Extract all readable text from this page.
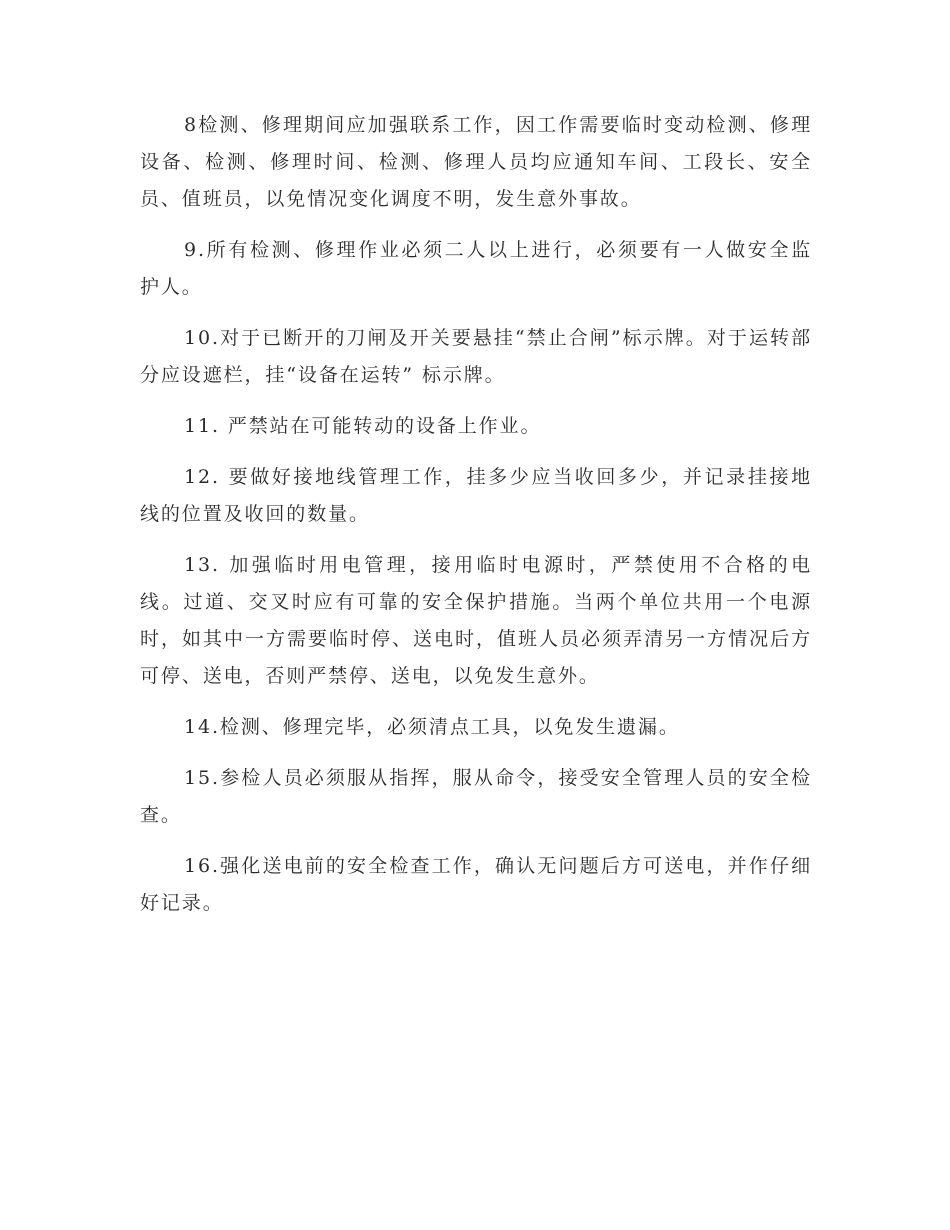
8检测、修理期间应加强联系工作，因工作需要临时变动检测、修理设备、检测、修理时间、检测、修理人员均应通知车间、工段长、安全员、值班员，以免情况变化调度不明，发生意外事故。

9.所有检测、修理作业必须二人以上进行，必须要有一人做安全监护人。

10.对于已断开的刀闸及开关要悬挂“禁止合闸”标示牌。对于运转部分应设遮栏，挂“设备在运转” 标示牌。

11. 严禁站在可能转动的设备上作业。

12. 要做好接地线管理工作，挂多少应当收回多少，并记录挂接地线的位置及收回的数量。

13. 加强临时用电管理，接用临时电源时，严禁使用不合格的电线。过道、交叉时应有可靠的安全保护措施。当两个单位共用一个电源时，如其中一方需要临时停、送电时，值班人员必须弄清另一方情况后方可停、送电，否则严禁停、送电，以免发生意外。

14.检测、修理完毕，必须清点工具，以免发生遗漏。

15.参检人员必须服从指挥，服从命令，接受安全管理人员的安全检查。

16.强化送电前的安全检查工作，确认无问题后方可送电，并作仔细好记录。
